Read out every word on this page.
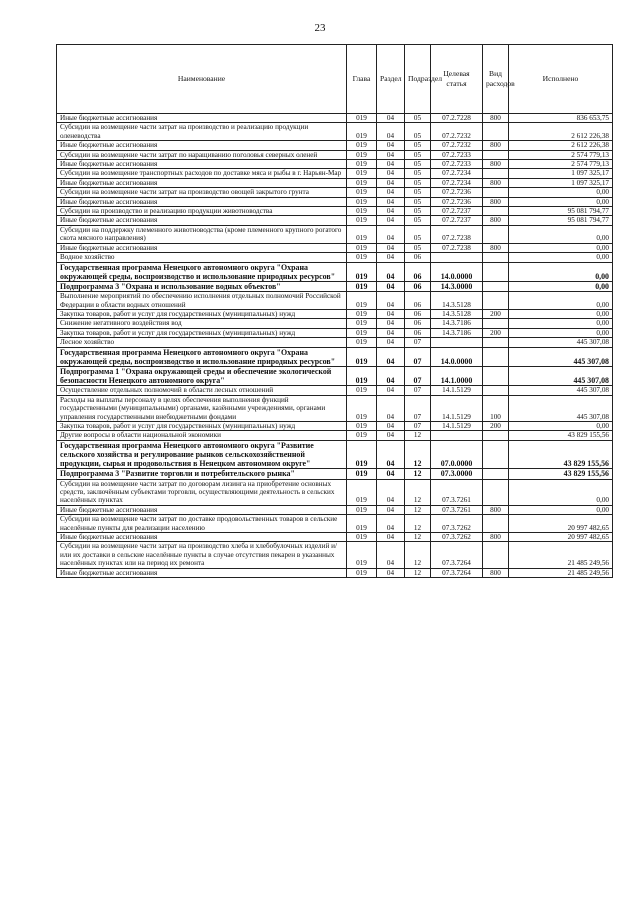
23
Наименование	Глава	Раздел	Подраздел	Целевая статья	Вид расходов	Исполнено
Иные бюджетные ассигнования	019	04	05	07.2.7228	800	836 653,75
Субсидии на возмещение части затрат на производство и реализацию продукции оленеводства	019	04	05	07.2.7232		2 612 226,38
Иные бюджетные ассигнования	019	04	05	07.2.7232	800	2 612 226,38
Субсидии на возмещение части затрат по наращиванию поголовья северных оленей	019	04	05	07.2.7233		2 574 779,13
Иные бюджетные ассигнования	019	04	05	07.2.7233	800	2 574 779,13
Субсидии на возмещение транспортных расходов по доставке мяса и рыбы в г. Нарьян-Мар	019	04	05	07.2.7234		1 097 325,17
Иные бюджетные ассигнования	019	04	05	07.2.7234	800	1 097 325,17
Субсидии на возмещение части затрат на производство овощей закрытого грунта	019	04	05	07.2.7236		0,00
Иные бюджетные ассигнования	019	04	05	07.2.7236	800	0,00
Субсидии на производство и реализацию продукции животноводства	019	04	05	07.2.7237		95 081 794,77
Иные бюджетные ассигнования	019	04	05	07.2.7237	800	95 081 794,77
Субсидии на поддержку племенного животноводства (кроме племенного крупного рогатого скота мясного направления)	019	04	05	07.2.7238		0,00
Иные бюджетные ассигнования	019	04	05	07.2.7238	800	0,00
Водное хозяйство	019	04	06			0,00
Государственная программа Ненецкого автономного округа "Охрана окружающей среды, воспроизводство и использование природных ресурсов"	019	04	06	14.0.0000		0,00
Подпрограмма 3 "Охрана и использование водных объектов"	019	04	06	14.3.0000		0,00
Выполнение мероприятий по обеспечению исполнения отдельных полномочий Российской Федерации в области водных отношений	019	04	06	14.3.5128		0,00
Закупка товаров, работ и услуг для государственных (муниципальных) нужд	019	04	06	14.3.5128	200	0,00
Снижение негативного воздействия вод	019	04	06	14.3.7186		0,00
Закупка товаров, работ и услуг для государственных (муниципальных) нужд	019	04	06	14.3.7186	200	0,00
Лесное хозяйство	019	04	07			445 307,08
Государственная программа Ненецкого автономного округа "Охрана окружающей среды, воспроизводство и использование природных ресурсов"	019	04	07	14.0.0000		445 307,08
Подпрограмма 1 "Охрана окружающей среды и обеспечение экологической безопасности Ненецкого автономного округа"	019	04	07	14.1.0000		445 307,08
Осуществление отдельных полномочий в области лесных отношений	019	04	07	14.1.5129		445 307,08
Расходы на выплаты персоналу в целях обеспечения выполнения функций государственными (муниципальными) органами, казёнными учреждениями, органами управления государственными внебюджетными фондами	019	04	07	14.1.5129	100	445 307,08
Закупка товаров, работ и услуг для государственных (муниципальных) нужд	019	04	07	14.1.5129	200	0,00
Другие вопросы в области национальной экономики	019	04	12			43 829 155,56
Государственная программа Ненецкого автономного округа "Развитие сельского хозяйства и регулирование рынков сельскохозяйственной продукции, сырья и продовольствия в Ненецком автономном округе"	019	04	12	07.0.0000		43 829 155,56
Подпрограмма 3 "Развитие торговли и потребительского рынка"	019	04	12	07.3.0000		43 829 155,56
Субсидии на возмещение части затрат по договорам лизинга на приобретение основных средств, заключённым субъектами торговли, осуществляющими деятельность в сельских населённых пунктах	019	04	12	07.3.7261		0,00
Иные бюджетные ассигнования	019	04	12	07.3.7261	800	0,00
Субсидии на возмещение части затрат по доставке продовольственных товаров в сельские населённые пункты для реализации населению	019	04	12	07.3.7262		20 997 482,65
Иные бюджетные ассигнования	019	04	12	07.3.7262	800	20 997 482,65
Субсидии на возмещение части затрат на производство хлеба и хлебобулочных изделий и/или их доставки в сельские населённые пункты в случае отсутствия пекарен в указанных населённых пунктах или на период их ремонта	019	04	12	07.3.7264		21 485 249,56
Иные бюджетные ассигнования	019	04	12	07.3.7264	800	21 485 249,56
